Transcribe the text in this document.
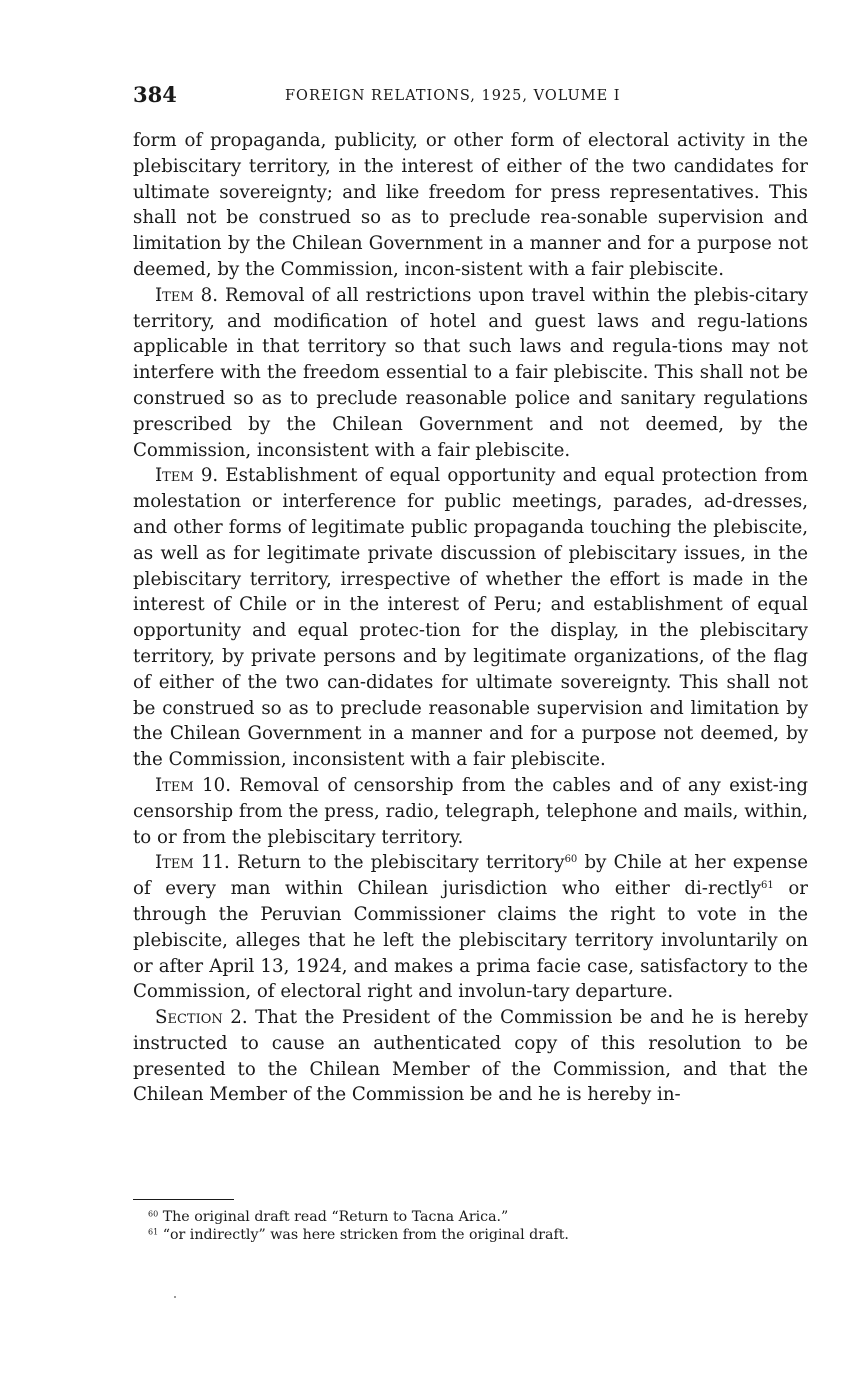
384	FOREIGN RELATIONS, 1925, VOLUME I

form of propaganda, publicity, or other form of electoral activity in the plebiscitary territory, in the interest of either of the two candidates for ultimate sovereignty; and like freedom for press representatives. This shall not be construed so as to preclude rea-sonable supervision and limitation by the Chilean Government in a manner and for a purpose not deemed, by the Commission, incon-sistent with a fair plebiscite.

Item 8. Removal of all restrictions upon travel within the plebis-citary territory, and modification of hotel and guest laws and regu-lations applicable in that territory so that such laws and regula-tions may not interfere with the freedom essential to a fair plebiscite. This shall not be construed so as to preclude reasonable police and sanitary regulations prescribed by the Chilean Government and not deemed, by the Commission, inconsistent with a fair plebiscite.

Item 9. Establishment of equal opportunity and equal protection from molestation or interference for public meetings, parades, ad-dresses, and other forms of legitimate public propaganda touching the plebiscite, as well as for legitimate private discussion of plebiscitary issues, in the plebiscitary territory, irrespective of whether the effort is made in the interest of Chile or in the interest of Peru; and establishment of equal opportunity and equal protec-tion for the display, in the plebiscitary territory, by private persons and by legitimate organizations, of the flag of either of the two can-didates for ultimate sovereignty. This shall not be construed so as to preclude reasonable supervision and limitation by the Chilean Government in a manner and for a purpose not deemed, by the Commission, inconsistent with a fair plebiscite.

Item 10. Removal of censorship from the cables and of any exist-ing censorship from the press, radio, telegraph, telephone and mails, within, to or from the plebiscitary territory.

Item 11. Return to the plebiscitary territory$^{60}$ by Chile at her expense of every man within Chilean jurisdiction who either di-rectly$^{61}$ or through the Peruvian Commissioner claims the right to vote in the plebiscite, alleges that he left the plebiscitary territory involuntarily on or after April 13, 1924, and makes a prima facie case, satisfactory to the Commission, of electoral right and involun-tary departure.

Section 2. That the President of the Commission be and he is hereby instructed to cause an authenticated copy of this resolution to be presented to the Chilean Member of the Commission, and that the Chilean Member of the Commission be and he is hereby in-

$^{60}$ The original draft read “Return to Tacna Arica.”
$^{61}$ “or indirectly” was here stricken from the original draft.
